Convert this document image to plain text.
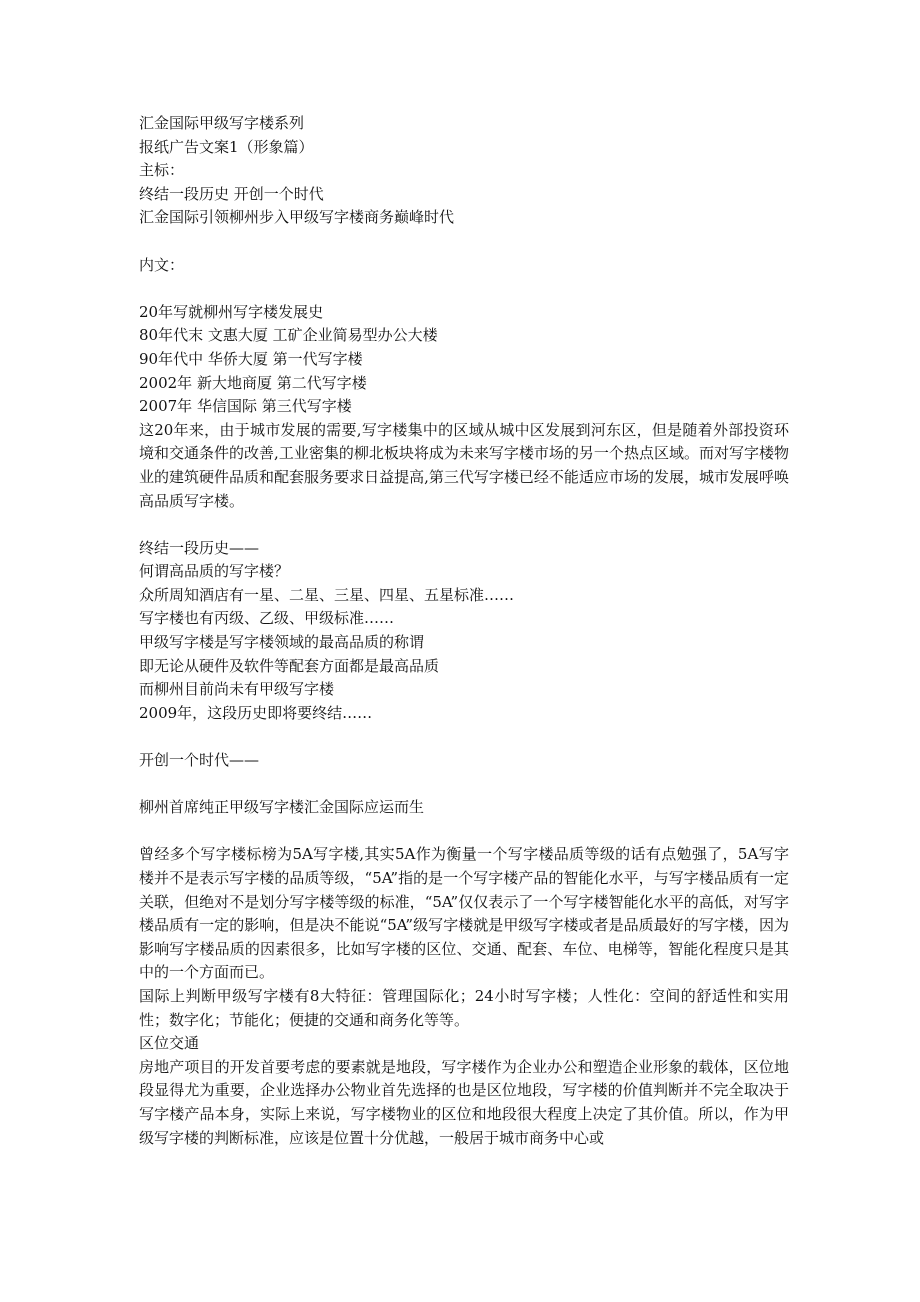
汇金国际甲级写字楼系列
报纸广告文案1（形象篇）
主标：
终结一段历史 开创一个时代
汇金国际引领柳州步入甲级写字楼商务巅峰时代
内文：
20年写就柳州写字楼发展史
80年代末 文惠大厦 工矿企业简易型办公大楼
90年代中 华侨大厦 第一代写字楼
2002年 新大地商厦 第二代写字楼
2007年 华信国际 第三代写字楼
这20年来，由于城市发展的需要,写字楼集中的区域从城中区发展到河东区，但是随着外部投资环境和交通条件的改善,工业密集的柳北板块将成为未来写字楼市场的另一个热点区域。而对写字楼物业的建筑硬件品质和配套服务要求日益提高,第三代写字楼已经不能适应市场的发展，城市发展呼唤高品质写字楼。
终结一段历史——
何谓高品质的写字楼？
众所周知酒店有一星、二星、三星、四星、五星标准……
写字楼也有丙级、乙级、甲级标准……
甲级写字楼是写字楼领域的最高品质的称谓
即无论从硬件及软件等配套方面都是最高品质
而柳州目前尚未有甲级写字楼
2009年，这段历史即将要终结……
开创一个时代——
柳州首席纯正甲级写字楼汇金国际应运而生
曾经多个写字楼标榜为5A写字楼,其实5A作为衡量一个写字楼品质等级的话有点勉强了，5A写字楼并不是表示写字楼的品质等级，“5A”指的是一个写字楼产品的智能化水平，与写字楼品质有一定关联，但绝对不是划分写字楼等级的标准，“5A”仅仅表示了一个写字楼智能化水平的高低，对写字楼品质有一定的影响，但是决不能说“5A”级写字楼就是甲级写字楼或者是品质最好的写字楼，因为影响写字楼品质的因素很多，比如写字楼的区位、交通、配套、车位、电梯等，智能化程度只是其中的一个方面而已。
国际上判断甲级写字楼有8大特征：管理国际化；24小时写字楼；人性化：空间的舒适性和实用性；数字化；节能化；便捷的交通和商务化等等。
区位交通
房地产项目的开发首要考虑的要素就是地段，写字楼作为企业办公和塑造企业形象的载体，区位地段显得尤为重要，企业选择办公物业首先选择的也是区位地段，写字楼的价值判断并不完全取决于写字楼产品本身，实际上来说，写字楼物业的区位和地段很大程度上决定了其价值。所以，作为甲级写字楼的判断标准，应该是位置十分优越，一般居于城市商务中心或
